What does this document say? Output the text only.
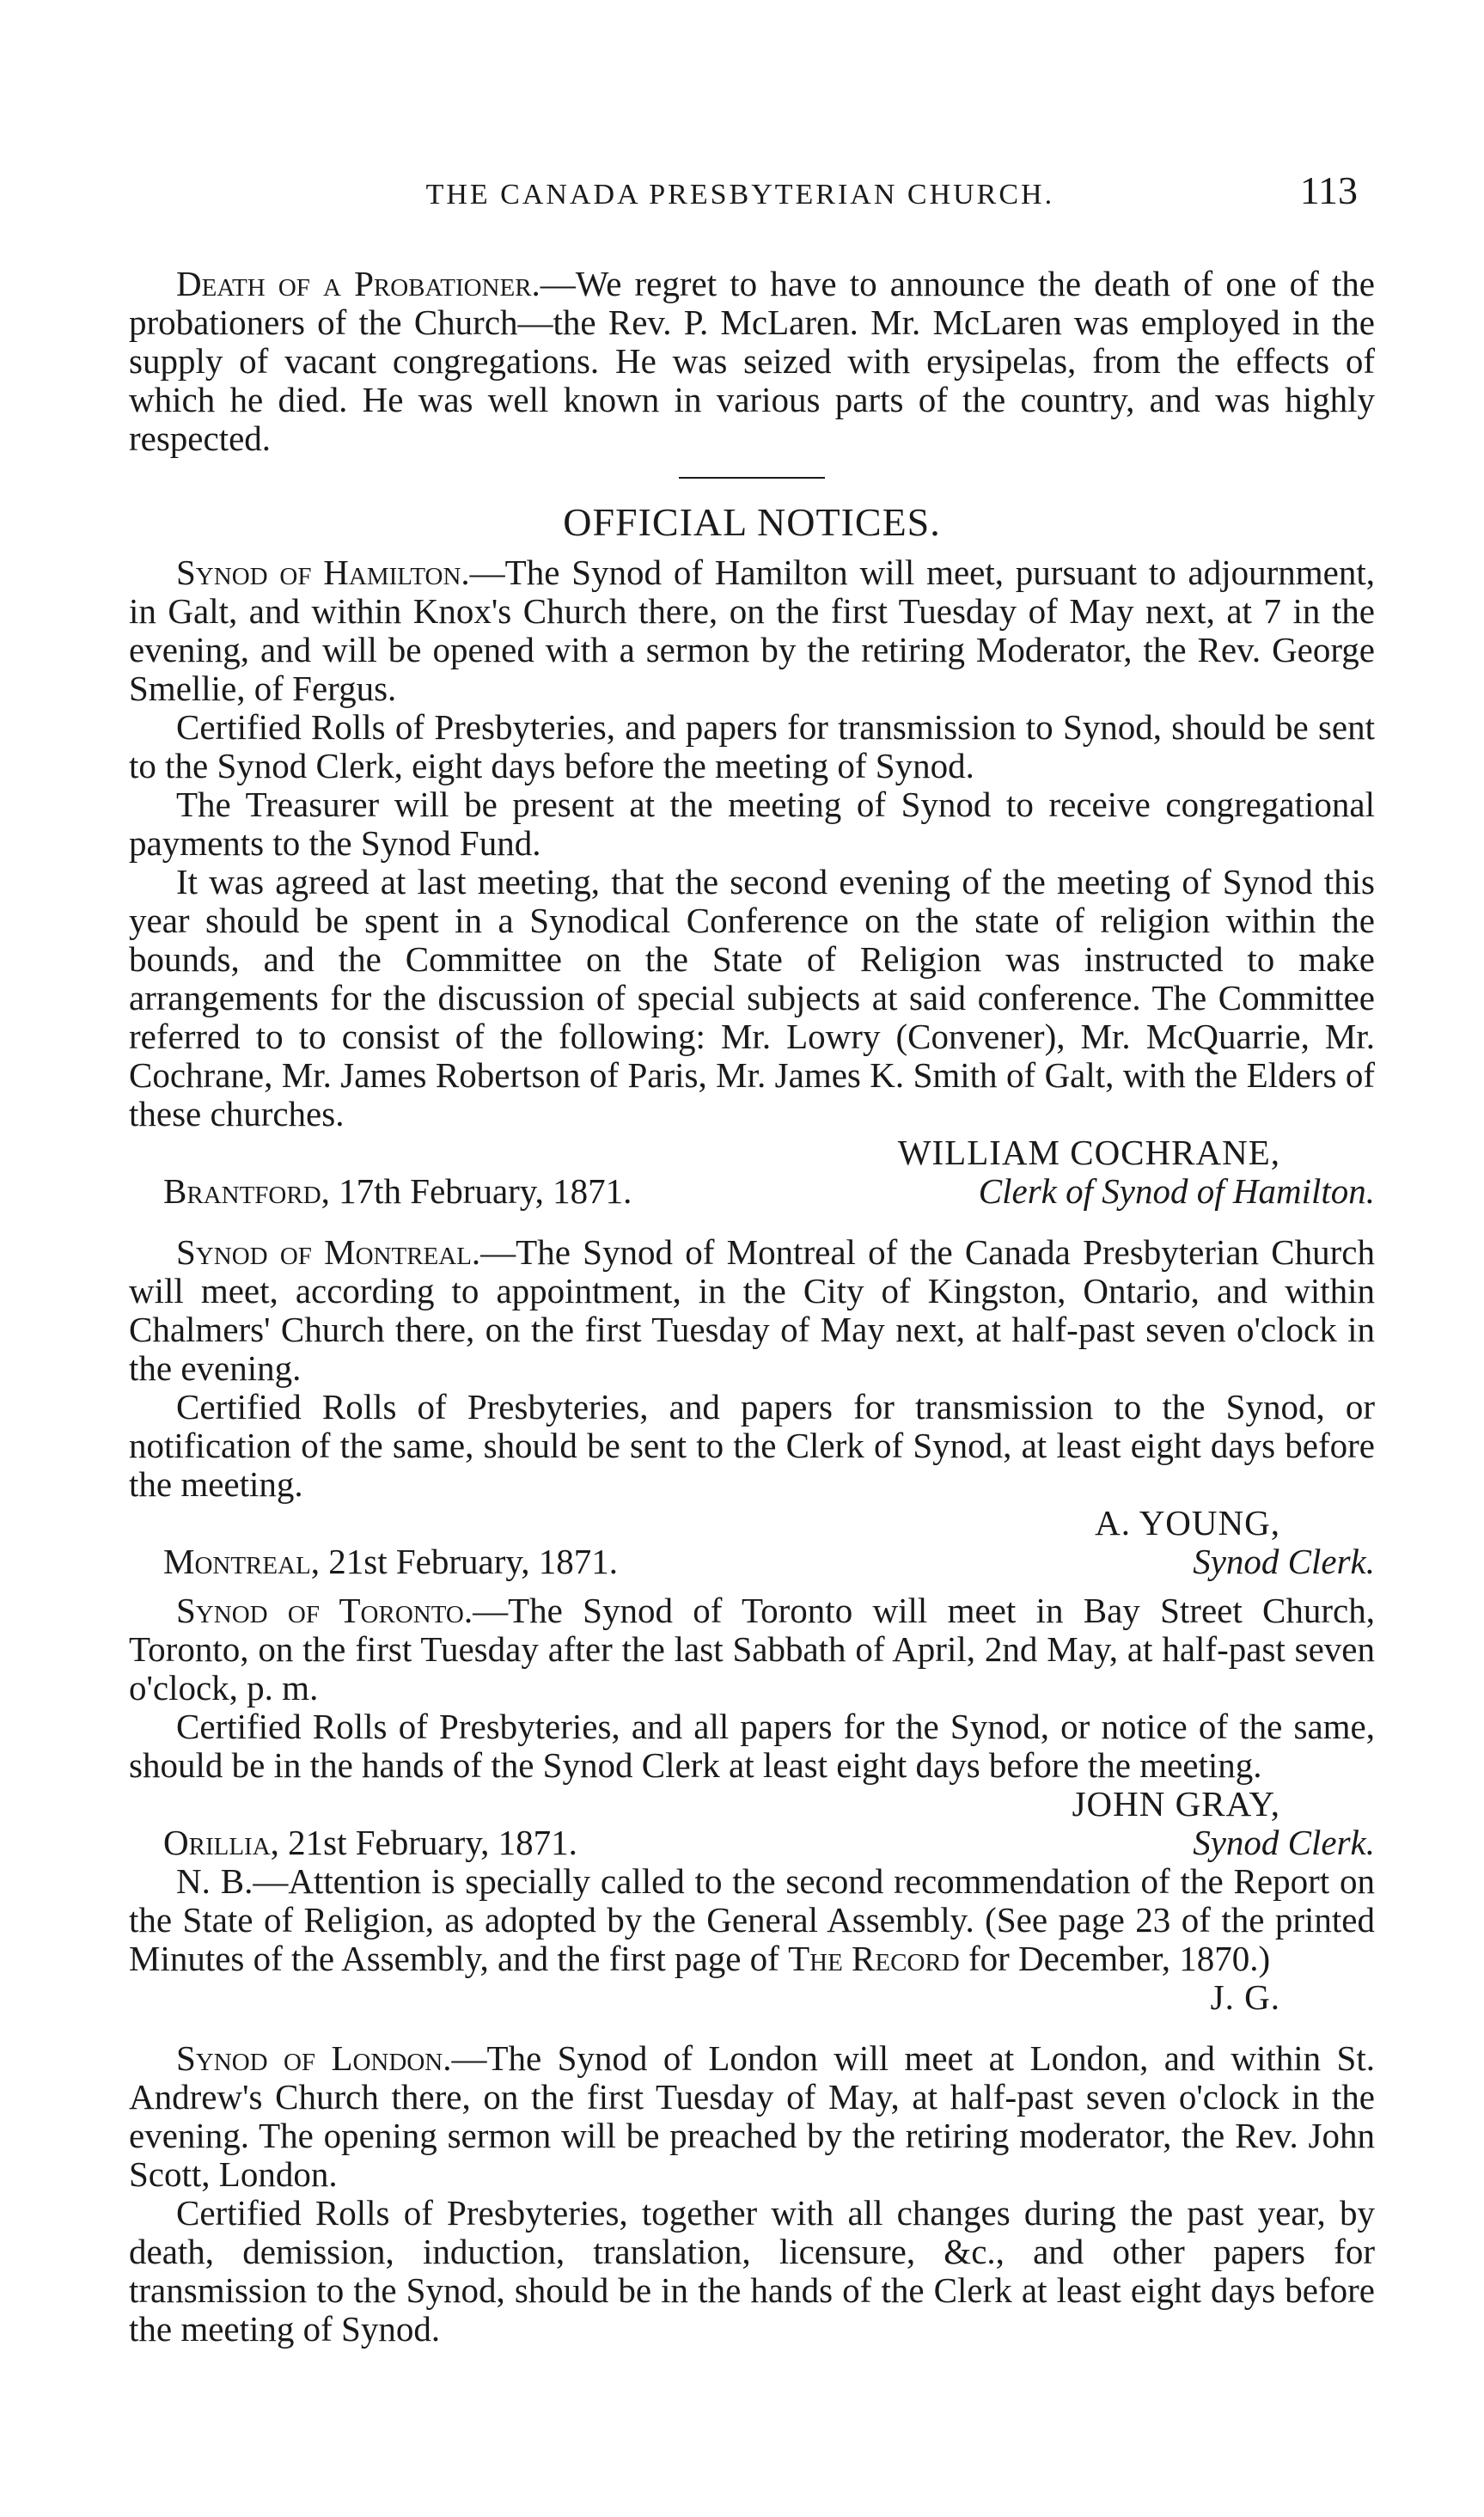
THE CANADA PRESBYTERIAN CHURCH.	113

Death of a Probationer.—We regret to have to announce the death of one of the probationers of the Church—the Rev. P. McLaren. Mr. McLaren was employed in the supply of vacant congregations. He was seized with erysipelas, from the effects of which he died. He was well known in various parts of the country, and was highly respected.

OFFICIAL NOTICES.

Synod of Hamilton.—The Synod of Hamilton will meet, pursuant to adjournment, in Galt, and within Knox's Church there, on the first Tuesday of May next, at 7 in the evening, and will be opened with a sermon by the retiring Moderator, the Rev. George Smellie, of Fergus.

Certified Rolls of Presbyteries, and papers for transmission to Synod, should be sent to the Synod Clerk, eight days before the meeting of Synod.

The Treasurer will be present at the meeting of Synod to receive congregational payments to the Synod Fund.

It was agreed at last meeting, that the second evening of the meeting of Synod this year should be spent in a Synodical Conference on the state of religion within the bounds, and the Committee on the State of Religion was instructed to make arrangements for the discussion of special subjects at said conference. The Committee referred to to consist of the following: Mr. Lowry (Convener), Mr. McQuarrie, Mr. Cochrane, Mr. James Robertson of Paris, Mr. James K. Smith of Galt, with the Elders of these churches.

WILLIAM COCHRANE,
Brantford, 17th February, 1871.	Clerk of Synod of Hamilton.

Synod of Montreal.—The Synod of Montreal of the Canada Presbyterian Church will meet, according to appointment, in the City of Kingston, Ontario, and within Chalmers' Church there, on the first Tuesday of May next, at half-past seven o'clock in the evening.

Certified Rolls of Presbyteries, and papers for transmission to the Synod, or notification of the same, should be sent to the Clerk of Synod, at least eight days before the meeting.

A. YOUNG,
Montreal, 21st February, 1871.	Synod Clerk.

Synod of Toronto.—The Synod of Toronto will meet in Bay Street Church, Toronto, on the first Tuesday after the last Sabbath of April, 2nd May, at half-past seven o'clock, p. m.

Certified Rolls of Presbyteries, and all papers for the Synod, or notice of the same, should be in the hands of the Synod Clerk at least eight days before the meeting.

JOHN GRAY,
Orillia, 21st February, 1871.	Synod Clerk.

N. B.—Attention is specially called to the second recommendation of the Report on the State of Religion, as adopted by the General Assembly. (See page 23 of the printed Minutes of the Assembly, and the first page of The Record for December, 1870.)

J. G.

Synod of London.—The Synod of London will meet at London, and within St. Andrew's Church there, on the first Tuesday of May, at half-past seven o'clock in the evening. The opening sermon will be preached by the retiring moderator, the Rev. John Scott, London.

Certified Rolls of Presbyteries, together with all changes during the past year, by death, demission, induction, translation, licensure, &c., and other papers for transmission to the Synod, should be in the hands of the Clerk at least eight days before the meeting of Synod.
